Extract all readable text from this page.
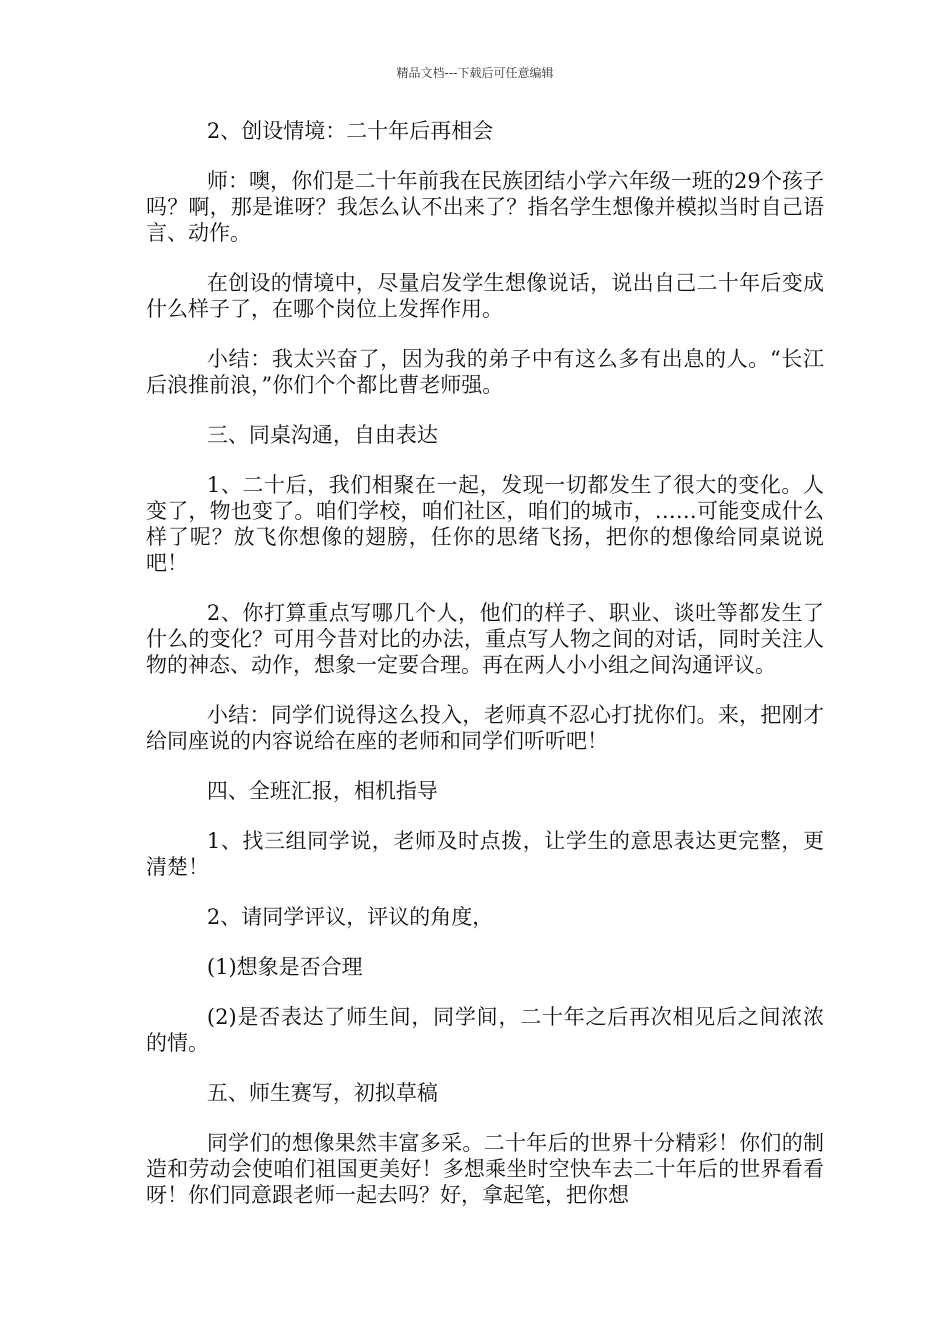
精品文档---下载后可任意编辑

2、创设情境：二十年后再相会

师：噢，你们是二十年前我在民族团结小学六年级一班的29个孩子吗？啊，那是谁呀？我怎么认不出来了？指名学生想像并模拟当时自己语言、动作。

在创设的情境中，尽量启发学生想像说话，说出自己二十年后变成什么样子了，在哪个岗位上发挥作用。

小结：我太兴奋了，因为我的弟子中有这么多有出息的人。“长江后浪推前浪，”你们个个都比曹老师强。

三、同桌沟通，自由表达

1、二十后，我们相聚在一起，发现一切都发生了很大的变化。人变了，物也变了。咱们学校，咱们社区，咱们的城市，……可能变成什么样了呢？放飞你想像的翅膀，任你的思绪飞扬，把你的想像给同桌说说吧！

2、你打算重点写哪几个人，他们的样子、职业、谈吐等都发生了什么的变化？可用今昔对比的办法，重点写人物之间的对话，同时关注人物的神态、动作，想象一定要合理。再在两人小小组之间沟通评议。

小结：同学们说得这么投入，老师真不忍心打扰你们。来，把刚才给同座说的内容说给在座的老师和同学们听听吧！

四、全班汇报，相机指导

1、找三组同学说，老师及时点拨，让学生的意思表达更完整，更清楚！

2、请同学评议，评议的角度，

(1)想象是否合理

(2)是否表达了师生间，同学间，二十年之后再次相见后之间浓浓的情。

五、师生赛写，初拟草稿

同学们的想像果然丰富多采。二十年后的世界十分精彩！你们的制造和劳动会使咱们祖国更美好！多想乘坐时空快车去二十年后的世界看看呀！你们同意跟老师一起去吗？好，拿起笔，把你想
